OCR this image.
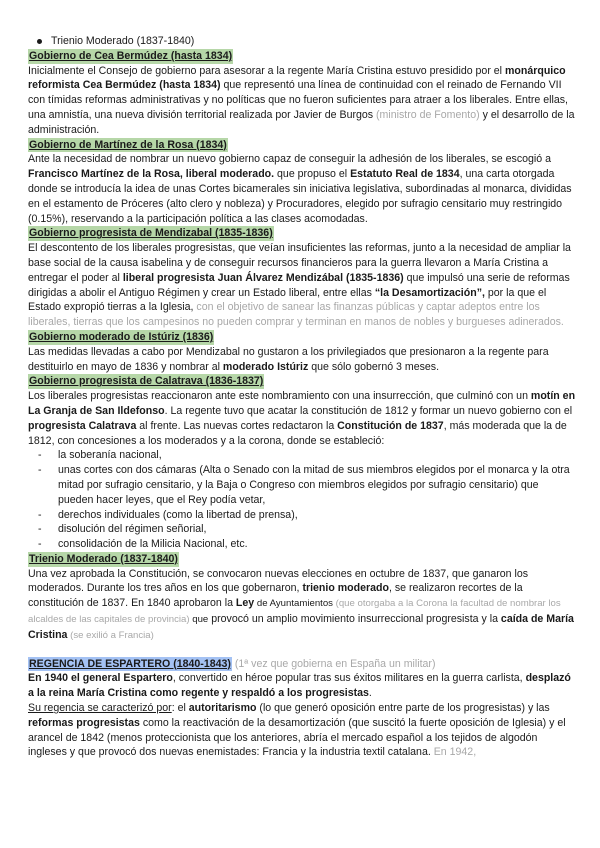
Trienio Moderado (1837-1840)
Gobierno de Cea Bermúdez (hasta 1834)

Inicialmente el Consejo de gobierno para asesorar a la regente María Cristina estuvo presidido por el monárquico reformista Cea Bermúdez (hasta 1834) que representó una línea de continuidad con el reinado de Fernando VII con tímidas reformas administrativas y no políticas que no fueron suficientes para atraer a los liberales. Entre ellas, una amnistía, una nueva división territorial realizada por Javier de Burgos (ministro de Fomento) y el desarrollo de la administración.

Gobierno de Martínez de la Rosa (1834)

Ante la necesidad de nombrar un nuevo gobierno capaz de conseguir la adhesión de los liberales, se escogió a Francisco Martínez de la Rosa, liberal moderado. que propuso el Estatuto Real de 1834, una carta otorgada donde se introducía la idea de unas Cortes bicamerales sin iniciativa legislativa, subordinadas al monarca, divididas en el estamento de Próceres (alto clero y nobleza) y Procuradores, elegido por sufragio censitario muy restringido (0.15%), reservando a la participación política a las clases acomodadas.

Gobierno progresista de Mendizabal (1835-1836)

El descontento de los liberales progresistas, que veían insuficientes las reformas, junto a la necesidad de ampliar la base social de la causa isabelina y de conseguir recursos financieros para la guerra llevaron a María Cristina a entregar el poder al liberal progresista Juan Álvarez Mendizábal (1835-1836) que impulsó una serie de reformas dirigidas a abolir el Antiguo Régimen y crear un Estado liberal, entre ellas “la Desamortización”, por la que el Estado expropió tierras a la Iglesia, con el objetivo de sanear las finanzas públicas y captar adeptos entre los liberales, tierras que los campesinos no pueden comprar y terminan en manos de nobles y burgueses adinerados.

Gobierno moderado de Istúriz (1836)

Las medidas llevadas a cabo por Mendizabal no gustaron a los privilegiados que presionaron a la regente para destituirlo en mayo de 1836 y nombrar al moderado Istúriz que sólo gobernó 3 meses.

Gobierno progresista de Calatrava (1836-1837)

Los liberales progresistas reaccionaron ante este nombramiento con una insurrección, que culminó con un motín en La Granja de San Ildefonso. La regente tuvo que acatar la constitución de 1812 y formar un nuevo gobierno con el progresista Calatrava al frente. Las nuevas cortes redactaron la Constitución de 1837, más moderada que la de 1812, con concesiones a los moderados y a la corona, donde se estableció:

- la soberanía nacional,
- unas cortes con dos cámaras (Alta o Senado con la mitad de sus miembros elegidos por el monarca y la otra mitad por sufragio censitario, y la Baja o Congreso con miembros elegidos por sufragio censitario) que pueden hacer leyes, que el Rey podía vetar,
- derechos individuales (como la libertad de prensa),
- disolución del régimen señorial,
- consolidación de la Milicia Nacional, etc.
Trienio Moderado (1837-1840)

Una vez aprobada la Constitución, se convocaron nuevas elecciones en octubre de 1837, que ganaron los moderados. Durante los tres años en los que gobernaron, trienio moderado, se realizaron recortes de la constitución de 1837. En 1840 aprobaron la Ley de Ayuntamientos (que otorgaba a la Corona la facultad de nombrar los alcaldes de las capitales de provincia) que provocó un amplio movimiento insurreccional progresista y la caída de María Cristina (se exilió a Francia)

REGENCIA DE ESPARTERO (1840-1843) (1ª vez que gobierna en España un militar)

En 1940 el general Espartero, convertido en héroe popular tras sus éxitos militares en la guerra carlista, desplazó a la reina María Cristina como regente y respaldó a los progresistas.

Su regencia se caracterizó por: el autoritarismo (lo que generó oposición entre parte de los progresistas) y las reformas progresistas como la reactivación de la desamortización (que suscitó la fuerte oposición de Iglesia) y el arancel de 1842 (menos proteccionista que los anteriores, abría el mercado español a los tejidos de algodón ingleses y que provocó dos nuevas enemistades: Francia y la industria textil catalana. En 1942,
